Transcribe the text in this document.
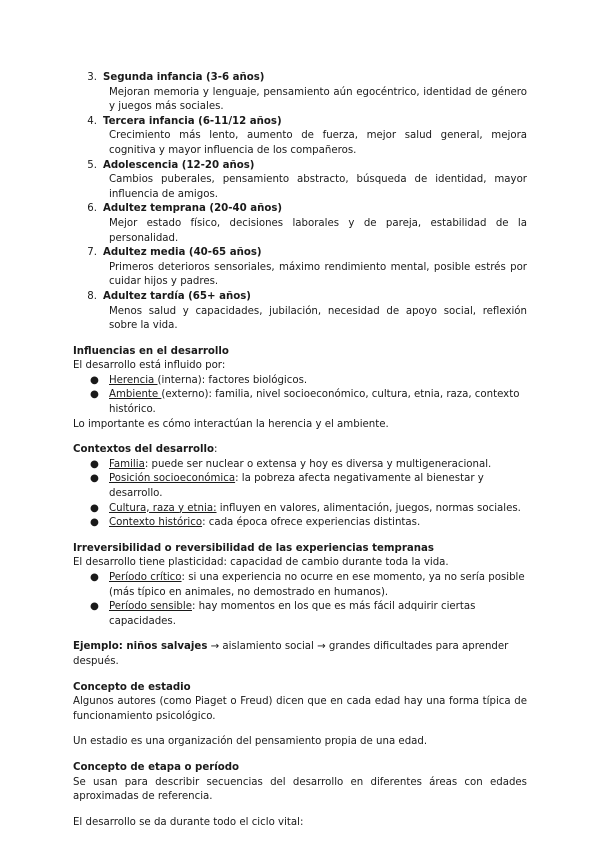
3. Segunda infancia (3-6 años)
Mejoran memoria y lenguaje, pensamiento aún egocéntrico, identidad de género y juegos más sociales.
4. Tercera infancia (6-11/12 años)
Crecimiento más lento, aumento de fuerza, mejor salud general, mejora cognitiva y mayor influencia de los compañeros.
5. Adolescencia (12-20 años)
Cambios puberales, pensamiento abstracto, búsqueda de identidad, mayor influencia de amigos.
6. Adultez temprana (20-40 años)
Mejor estado físico, decisiones laborales y de pareja, estabilidad de la personalidad.
7. Adultez media (40-65 años)
Primeros deterioros sensoriales, máximo rendimiento mental, posible estrés por cuidar hijos y padres.
8. Adultez tardía (65+ años)
Menos salud y capacidades, jubilación, necesidad de apoyo social, reflexión sobre la vida.
Influencias en el desarrollo

El desarrollo está influido por:

● Herencia (interna): factores biológicos.
● Ambiente (externo): familia, nivel socioeconómico, cultura, etnia, raza, contexto histórico.

Lo importante es cómo interactúan la herencia y el ambiente.

Contextos del desarrollo:
● Familia: puede ser nuclear o extensa y hoy es diversa y multigeneracional.
● Posición socioeconómica: la pobreza afecta negativamente al bienestar y desarrollo.
● Cultura, raza y etnia: influyen en valores, alimentación, juegos, normas sociales.
● Contexto histórico: cada época ofrece experiencias distintas.
Irreversibilidad o reversibilidad de las experiencias tempranas

El desarrollo tiene plasticidad: capacidad de cambio durante toda la vida.

● Período crítico: si una experiencia no ocurre en ese momento, ya no sería posible (más típico en animales, no demostrado en humanos).
● Período sensible: hay momentos en los que es más fácil adquirir ciertas capacidades.

Ejemplo: niños salvajes → aislamiento social → grandes dificultades para aprender después.

Concepto de estadio

Algunos autores (como Piaget o Freud) dicen que en cada edad hay una forma típica de funcionamiento psicológico.

Un estadio es una organización del pensamiento propia de una edad.

Concepto de etapa o período

Se usan para describir secuencias del desarrollo en diferentes áreas con edades aproximadas de referencia.

El desarrollo se da durante todo el ciclo vital:
